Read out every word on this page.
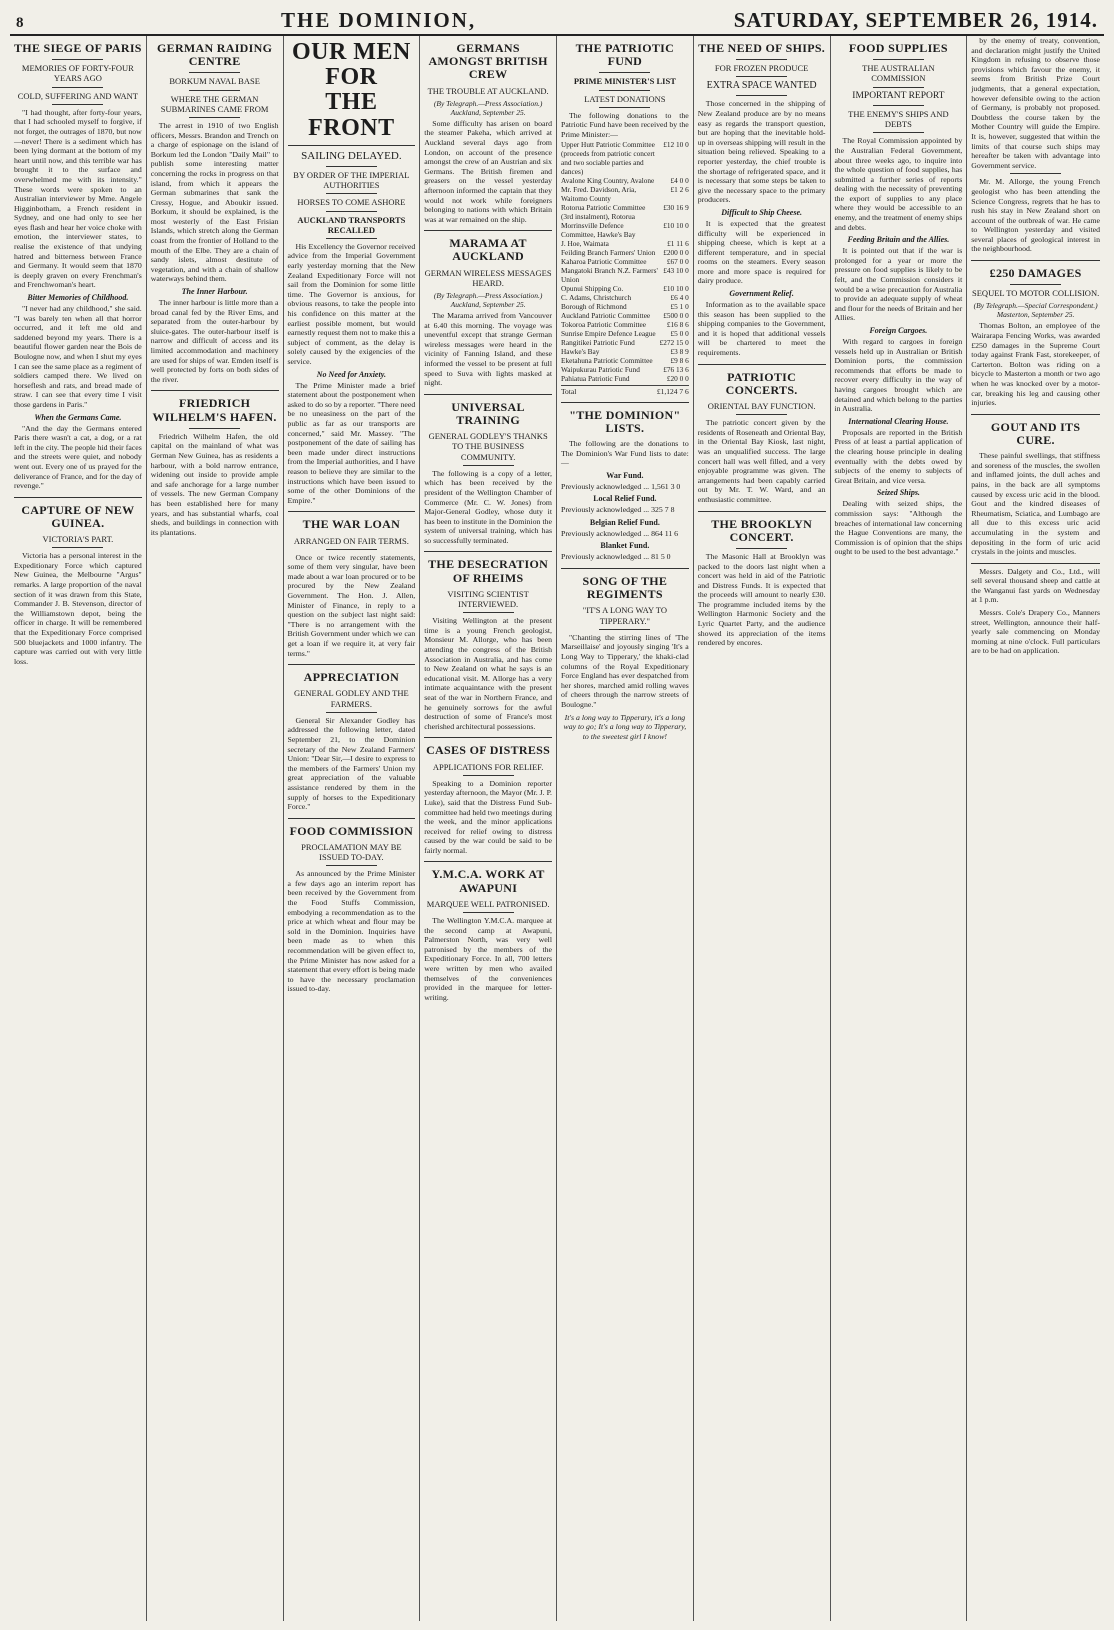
8	THE DOMINION,	SATURDAY, SEPTEMBER 26, 1914.
THE SIEGE OF PARIS
MEMORIES OF FORTY-FOUR YEARS AGO
COLD, SUFFERING AND WANT

"I had thought, after forty-four years, that I had schooled myself to forgive, if not forget, the outrages of 1870, but now—never! There is a sediment which has been lying dormant at the bottom of my heart until now, and this terrible war has brought it to the surface and overwhelmed me with its intensity." These words were spoken to an Australian interviewer by Mme. Angele Higginbotham, a French resident in Sydney, and one had only to see her eyes flash and hear her voice choke with emotion, the interviewer states, to realise the existence of that undying hatred and bitterness between France and Germany. It would seem that 1870 is deeply graven on every Frenchman's and Frenchwoman's heart.

Bitter Memories of Childhood.

"I never had any childhood," she said. "I was barely ten when all that horror occurred, and it left me old and saddened beyond my years. There is a beautiful flower garden near the Bois de Boulogne now, and when I shut my eyes I can see the same place as a regiment of soldiers camped there. We lived on horseflesh and rats, and bread made of straw. I can see that every time I visit those gardens in Paris."

When the Germans Came.

"And the day the Germans entered Paris there wasn't a cat, a dog, or a rat left in the city. The people hid their faces and the streets were quiet, and nobody went out. Every one of us prayed for the deliverance of France, and for the day of revenge."

CAPTURE OF NEW GUINEA.
VICTORIA'S PART.

Victoria has a personal interest in the Expeditionary Force which captured New Guinea, the Melbourne "Argus" remarks. A large proportion of the naval section of it was drawn from this State, Commander J. B. Stevenson, director of the Williamstown depot, being the officer in charge. It will be remembered that the Expeditionary Force comprised 500 bluejackets and 1000 infantry. The capture was carried out with very little loss.

GERMAN RAIDING CENTRE
BORKUM NAVAL BASE
WHERE THE GERMAN SUBMARINES CAME FROM

The arrest in 1910 of two English officers, Messrs. Brandon and Trench on a charge of espionage on the island of Borkum led the London "Daily Mail" to publish some interesting matter concerning the rocks in progress on that island, from which it appears the German submarines that sank the Cressy, Hogue, and Aboukir issued. Borkum, it should be explained, is the most westerly of the East Frisian Islands, which stretch along the German coast from the frontier of Holland to the mouth of the Elbe. They are a chain of sandy islets, almost destitute of vegetation, and with a chain of shallow waterways behind them.

The Inner Harbour.

The inner harbour is little more than a broad canal fed by the River Ems, and separated from the outer-harbour by sluice-gates. The outer-harbour itself is narrow and difficult of access and its limited accommodation and machinery are used for ships of war. Emden itself is well protected by forts on both sides of the river.

FRIEDRICH WILHELM'S HAFEN.

Friedrich Wilhelm Hafen, the old capital on the mainland of what was German New Guinea, has as residents a harbour, with a bold narrow entrance, widening out inside to provide ample and safe anchorage for a large number of vessels. The new German Company has been established here for many years, and has substantial wharfs, coal sheds, and buildings in connection with its plantations.

OUR MEN FOR
THE FRONT
SAILING DELAYED.
BY ORDER OF THE IMPERIAL AUTHORITIES
HORSES TO COME ASHORE
AUCKLAND TRANSPORTS RECALLED

His Excellency the Governor received advice from the Imperial Government early yesterday morning that the New Zealand Expeditionary Force will not sail from the Dominion for some little time. The Governor is anxious, for obvious reasons, to take the people into his confidence on this matter at the earliest possible moment, but would earnestly request them not to make this a subject of comment, as the delay is solely caused by the exigencies of the service.

No Need for Anxiety.

The Prime Minister made a brief statement about the postponement when asked to do so by a reporter. "There need be no uneasiness on the part of the public as far as our transports are concerned," said Mr. Massey. "The postponement of the date of sailing has been made under direct instructions from the Imperial authorities, and I have reason to believe they are similar to the instructions which have been issued to some of the other Dominions of the Empire."

THE WAR LOAN
ARRANGED ON FAIR TERMS.

Once or twice recently statements, some of them very singular, have been made about a war loan procured or to be procured by the New Zealand Government. The Hon. J. Allen, Minister of Finance, in reply to a question on the subject last night said: "There is no arrangement with the British Government under which we can get a loan if we require it, at very fair terms."

APPRECIATION
GENERAL GODLEY AND THE FARMERS.

General Sir Alexander Godley has addressed the following letter, dated September 21, to the Dominion secretary of the New Zealand Farmers' Union: "Dear Sir,—I desire to express to the members of the Farmers' Union my great appreciation of the valuable assistance rendered by them in the supply of horses to the Expeditionary Force."

FOOD COMMISSION
PROCLAMATION MAY BE ISSUED TO-DAY.

As announced by the Prime Minister a few days ago an interim report has been received by the Government from the Food Stuffs Commission, embodying a recommendation as to the price at which wheat and flour may be sold in the Dominion. Inquiries have been made as to when this recommendation will be given effect to, the Prime Minister has now asked for a statement that every effort is being made to have the necessary proclamation issued to-day.

GERMANS AMONGST BRITISH CREW
THE TROUBLE AT AUCKLAND.
(By Telegraph.—Press Association.) Auckland, September 25.

Some difficulty has arisen on board the steamer Pakeha, which arrived at Auckland several days ago from London, on account of the presence amongst the crew of an Austrian and six Germans. The British firemen and greasers on the vessel yesterday afternoon informed the captain that they would not work while foreigners belonging to nations with which Britain was at war remained on the ship.

MARAMA AT AUCKLAND
GERMAN WIRELESS MESSAGES HEARD.
(By Telegraph.—Press Association.) Auckland, September 25.

The Marama arrived from Vancouver at 6.40 this morning. The voyage was uneventful except that strange German wireless messages were heard in the vicinity of Fanning Island, and these informed the vessel to be present at full speed to Suva with lights masked at night.

UNIVERSAL TRAINING
GENERAL GODLEY'S THANKS TO THE BUSINESS COMMUNITY.

The following is a copy of a letter, which has been received by the president of the Wellington Chamber of Commerce (Mr. C. W. Jones) from Major-General Godley, whose duty it has been to institute in the Dominion the system of universal training, which has so successfully terminated.

THE DESECRATION OF RHEIMS
VISITING SCIENTIST INTERVIEWED.

Visiting Wellington at the present time is a young French geologist, Monsieur M. Allorge, who has been attending the congress of the British Association in Australia, and has come to New Zealand on what he says is an educational visit. M. Allorge has a very intimate acquaintance with the present seat of the war in Northern France, and he genuinely sorrows for the awful destruction of some of France's most cherished architectural possessions.

CASES OF DISTRESS
APPLICATIONS FOR RELIEF.

Speaking to a Dominion reporter yesterday afternoon, the Mayor (Mr. J. P. Luke), said that the Distress Fund Sub-committee had held two meetings during the week, and the minor applications received for relief owing to distress caused by the war could be said to be fairly normal.

Y.M.C.A. WORK AT AWAPUNI
MARQUEE WELL PATRONISED.

The Wellington Y.M.C.A. marquee at the second camp at Awapuni, Palmerston North, was very well patronised by the members of the Expeditionary Force. In all, 700 letters were written by men who availed themselves of the conveniences provided in the marquee for letter-writing.

THE PATRIOTIC FUND
PRIME MINISTER'S LIST
LATEST DONATIONS

The following donations to the Patriotic Fund have been received by the Prime Minister:—

Upper Hutt Patriotic Committee (proceeds from patriotic concert and two sociable parties and dances)	£12 10 0
Avalone King Country, Avalone	£4 0 0
Mr. Fred. Davidson, Aria, Waitomo County	£1 2 6
Rotorua Patriotic Committee (3rd instalment), Rotorua	£30 16 9
Morrinsville Defence Committee, Hawke's Bay	£10 10 0
J. Hoe, Waimata	£1 11 6
Feilding Branch Farmers' Union	£200 0 0
Kaharoa Patriotic Committee	£67 0 0
Mangatoki Branch N.Z. Farmers' Union	£43 10 0
Opunui Shipping Co.	£10 10 0
C. Adams, Christchurch	£6 4 0
Borough of Richmond	£5 1 0
Auckland Patriotic Committee	£500 0 0
Tokoroa Patriotic Committee	£16 8 6
Sunrise Empire Defence League	£5 0 0
Rangitikei Patriotic Fund	£272 15 0
Hawke's Bay	£3 8 9
Eketahuna Patriotic Committee	£9 8 6
Waipukurau Patriotic Fund	£76 13 6
Pahiatua Patriotic Fund	£20 0 0
Total	£1,124 7 6
"THE DOMINION" LISTS.

The following are the donations to The Dominion's War Fund lists to date:—

War Fund.
Previously acknowledged ... 1,561 3 0
Local Relief Fund.
Previously acknowledged ... 325 7 8
Belgian Relief Fund.
Previously acknowledged ... 864 11 6
Blanket Fund.
Previously acknowledged ... 81 5 0
SONG OF THE REGIMENTS
"IT'S A LONG WAY TO TIPPERARY."

"Chanting the stirring lines of 'The Marseillaise' and joyously singing 'It's a Long Way to Tipperary,' the khaki-clad columns of the Royal Expeditionary Force England has ever despatched from her shores, marched amid rolling waves of cheers through the narrow streets of Boulogne."

It's a long way to Tipperary, it's a long way to go; It's a long way to Tipperary, to the sweetest girl I know!
THE NEED OF SHIPS.
FOR FROZEN PRODUCE
EXTRA SPACE WANTED

Those concerned in the shipping of New Zealand produce are by no means easy as regards the transport question, but are hoping that the inevitable hold-up in overseas shipping will result in the situation being relieved. Speaking to a reporter yesterday, the chief trouble is the shortage of refrigerated space, and it is necessary that some steps be taken to give the necessary space to the primary producers.

Difficult to Ship Cheese.

It is expected that the greatest difficulty will be experienced in shipping cheese, which is kept at a different temperature, and in special rooms on the steamers. Every season more and more space is required for dairy produce.

Government Relief.

Information as to the available space this season has been supplied to the shipping companies to the Government, and it is hoped that additional vessels will be chartered to meet the requirements.

PATRIOTIC CONCERTS.
ORIENTAL BAY FUNCTION.

The patriotic concert given by the residents of Roseneath and Oriental Bay, in the Oriental Bay Kiosk, last night, was an unqualified success. The large concert hall was well filled, and a very enjoyable programme was given. The arrangements had been capably carried out by Mr. T. W. Ward, and an enthusiastic committee.

THE BROOKLYN CONCERT.

The Masonic Hall at Brooklyn was packed to the doors last night when a concert was held in aid of the Patriotic and Distress Funds. It is expected that the proceeds will amount to nearly £30. The programme included items by the Wellington Harmonic Society and the Lyric Quartet Party, and the audience showed its appreciation of the items rendered by encores.

FOOD SUPPLIES
THE AUSTRALIAN COMMISSION
IMPORTANT REPORT
THE ENEMY'S SHIPS AND DEBTS

The Royal Commission appointed by the Australian Federal Government, about three weeks ago, to inquire into the whole question of food supplies, has submitted a further series of reports dealing with the necessity of preventing the export of supplies to any place where they would be accessible to an enemy, and the treatment of enemy ships and debts.

Feeding Britain and the Allies.

It is pointed out that if the war is prolonged for a year or more the pressure on food supplies is likely to be felt, and the Commission considers it would be a wise precaution for Australia to provide an adequate supply of wheat and flour for the needs of Britain and her Allies.

Foreign Cargoes.

With regard to cargoes in foreign vessels held up in Australian or British Dominion ports, the commission recommends that efforts be made to recover every difficulty in the way of having cargoes brought which are detained and which belong to the parties in Australia.

International Clearing House.

Proposals are reported in the British Press of at least a partial application of the clearing house principle in dealing eventually with the debts owed by subjects of the enemy to subjects of Great Britain, and vice versa.

Seized Ships.

Dealing with seized ships, the commission says: "Although the breaches of international law concerning the Hague Conventions are many, the Commission is of opinion that the ships ought to be used to the best advantage."

by the enemy of treaty, convention, and declaration might justify the United Kingdom in refusing to observe those provisions which favour the enemy, it seems from British Prize Court judgments, that a general expectation, however defensible owing to the action of Germany, is probably not proposed. Doubtless the course taken by the Mother Country will guide the Empire. It is, however, suggested that within the limits of that course such ships may hereafter be taken with advantage into Government service.

Mr. M. Allorge, the young French geologist who has been attending the Science Congress, regrets that he has to rush his stay in New Zealand short on account of the outbreak of war. He came to Wellington yesterday and visited several places of geological interest in the neighbourhood.

£250 DAMAGES
SEQUEL TO MOTOR COLLISION.
(By Telegraph.—Special Correspondent.) Masterton, September 25.

Thomas Bolton, an employee of the Wairarapa Fencing Works, was awarded £250 damages in the Supreme Court today against Frank Fast, storekeeper, of Carterton. Bolton was riding on a bicycle to Masterton a month or two ago when he was knocked over by a motor-car, breaking his leg and causing other injuries.

GOUT AND ITS CURE.

These painful swellings, that stiffness and soreness of the muscles, the swollen and inflamed joints, the dull aches and pains, in the back are all symptoms caused by excess uric acid in the blood. Gout and the kindred diseases of Rheumatism, Sciatica, and Lumbago are all due to this excess uric acid accumulating in the system and depositing in the form of uric acid crystals in the joints and muscles.

Messrs. Dalgety and Co., Ltd., will sell several thousand sheep and cattle at the Wanganui fast yards on Wednesday at 1 p.m.

Messrs. Cole's Drapery Co., Manners street, Wellington, announce their half-yearly sale commencing on Monday morning at nine o'clock. Full particulars are to be had on application.
